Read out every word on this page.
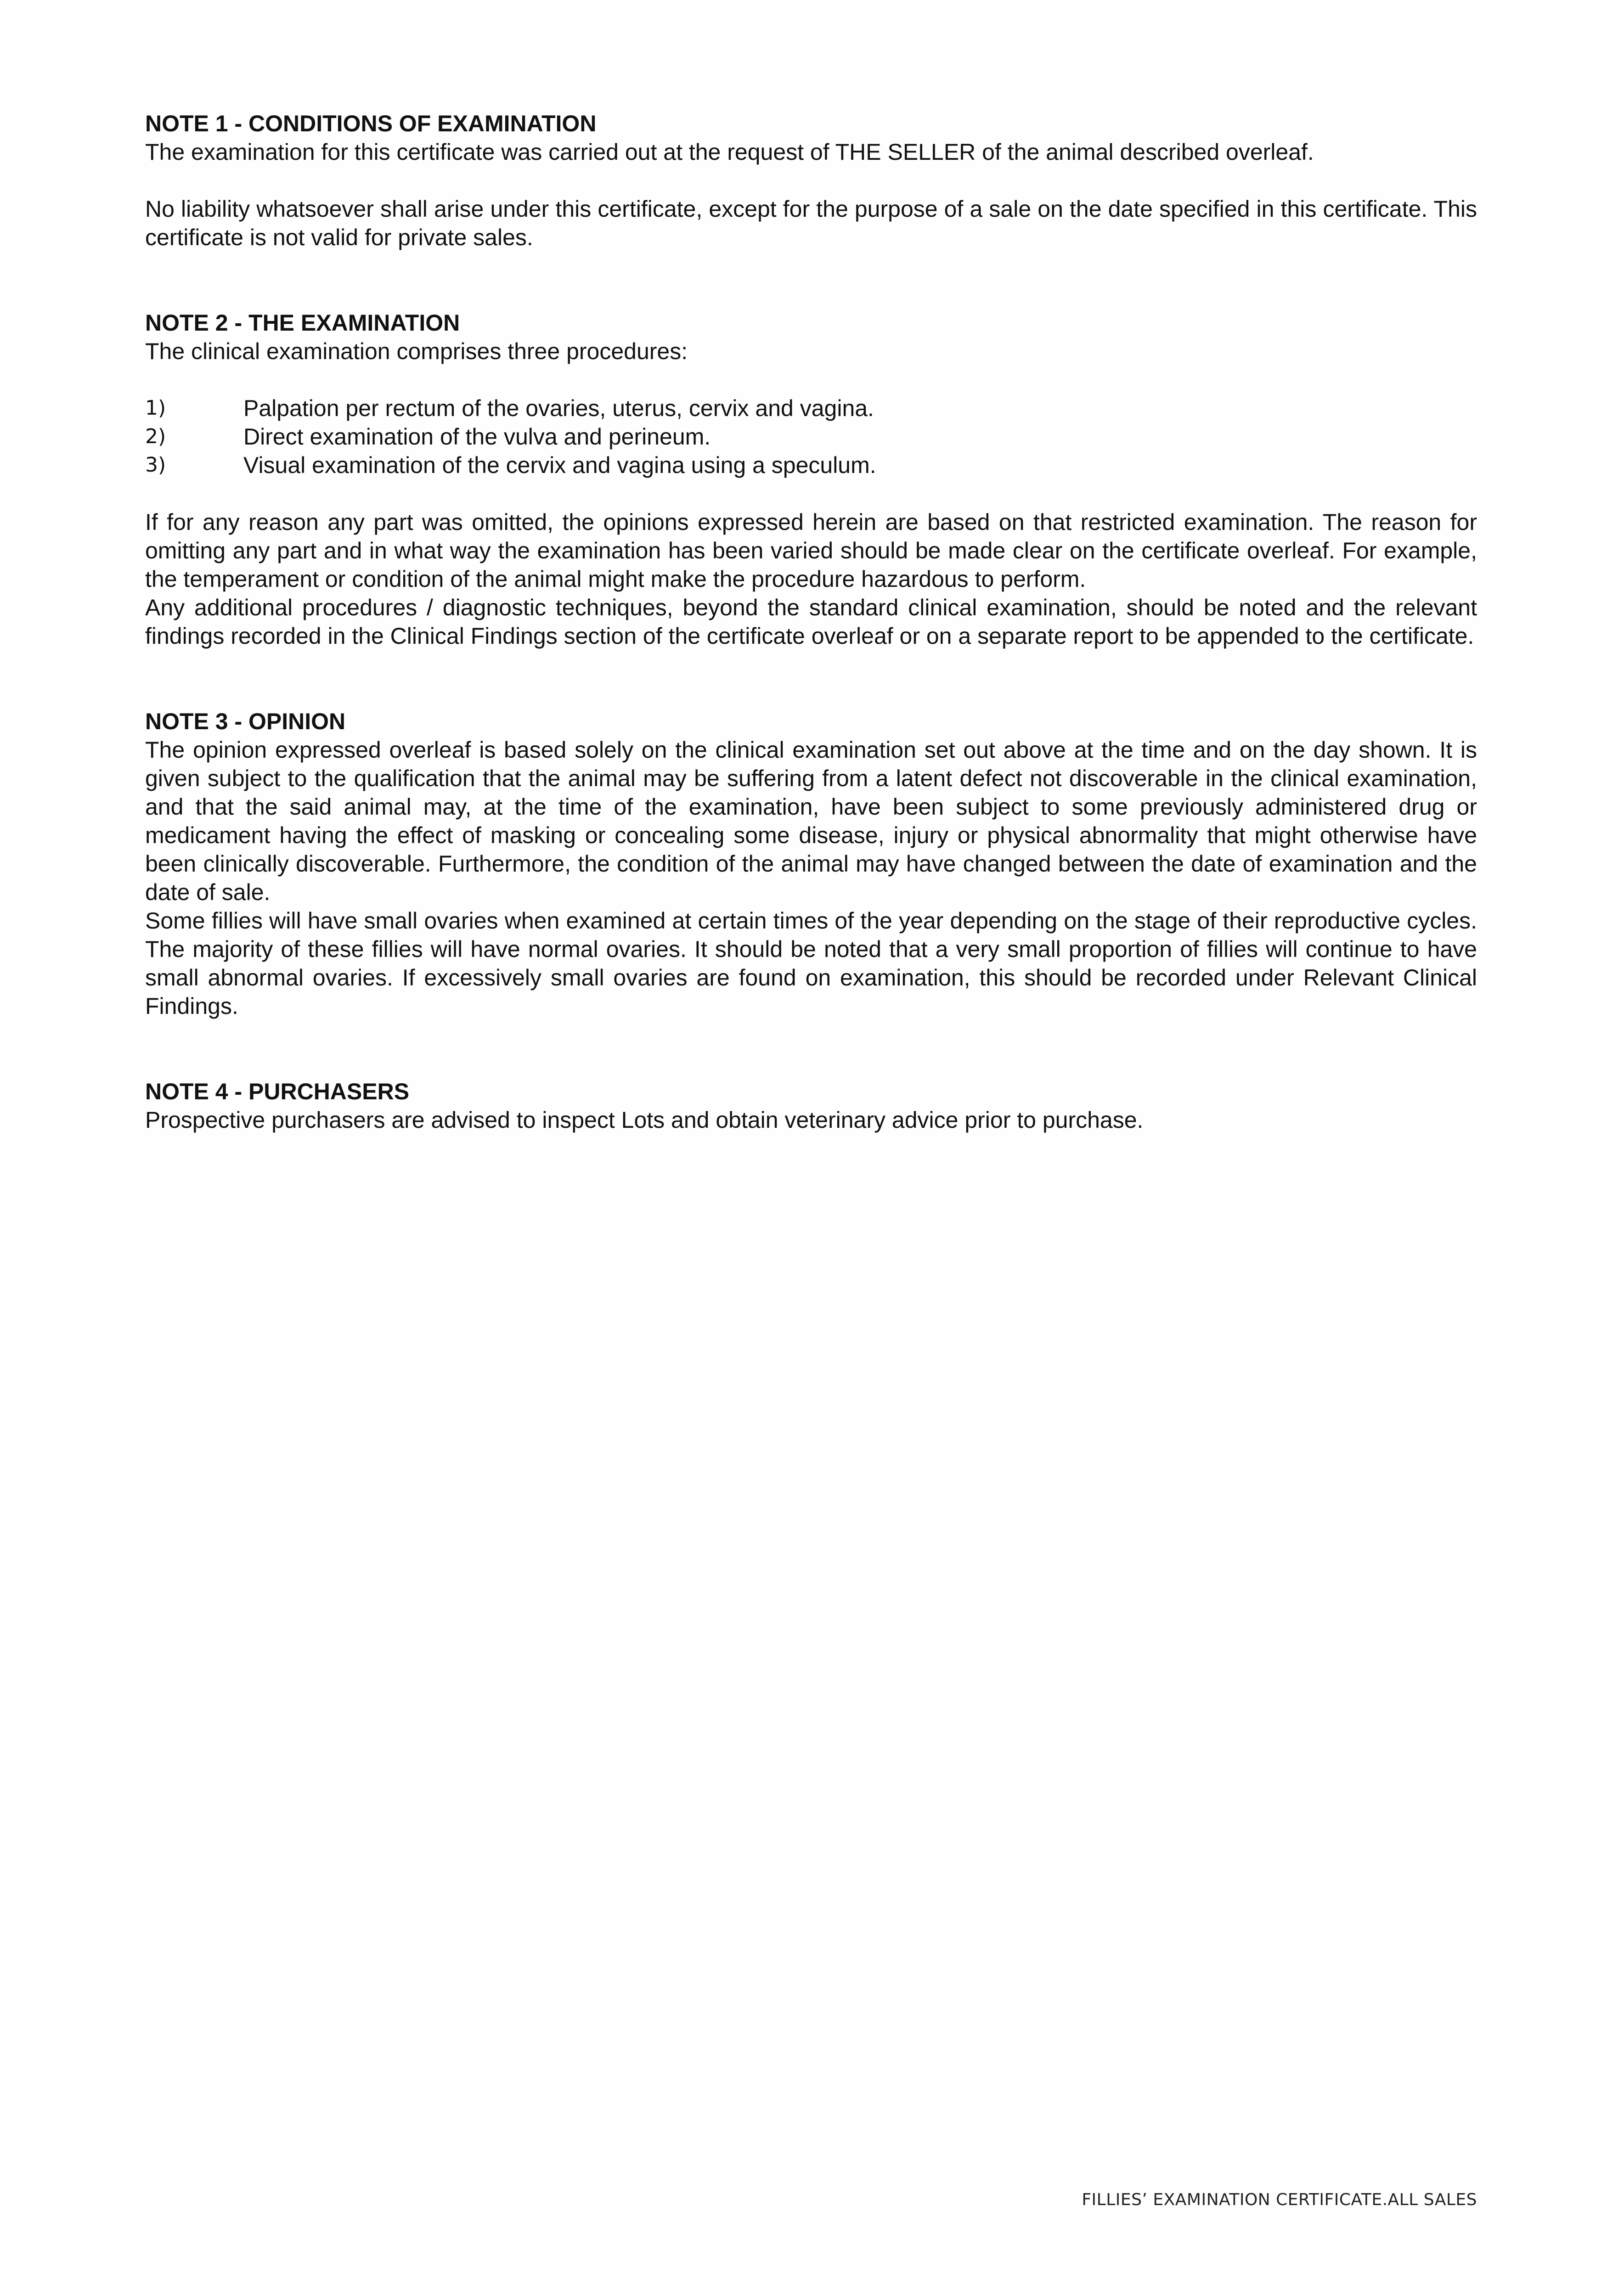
NOTE 1 - CONDITIONS OF EXAMINATION

The examination for this certificate was carried out at the request of THE SELLER of the animal described overleaf.

No liability whatsoever shall arise under this certificate, except for the purpose of a sale on the date specified in this certificate. This certificate is not valid for private sales.

NOTE 2 - THE EXAMINATION

The clinical examination comprises three procedures:

1)	Palpation per rectum of the ovaries, uterus, cervix and vagina.
2)	Direct examination of the vulva and perineum.
3)	Visual examination of the cervix and vagina using a speculum.

If for any reason any part was omitted, the opinions expressed herein are based on that restricted examination. The reason for omitting any part and in what way the examination has been varied should be made clear on the certificate overleaf. For example, the temperament or condition of the animal might make the procedure hazardous to perform.

Any additional procedures / diagnostic techniques, beyond the standard clinical examination, should be noted and the relevant findings recorded in the Clinical Findings section of the certificate overleaf or on a separate report to be appended to the certificate.

NOTE 3 - OPINION

The opinion expressed overleaf is based solely on the clinical examination set out above at the time and on the day shown. It is given subject to the qualification that the animal may be suffering from a latent defect not discoverable in the clinical examination, and that the said animal may, at the time of the examination, have been subject to some previously administered drug or medicament having the effect of masking or concealing some disease, injury or physical abnormality that might otherwise have been clinically discoverable. Furthermore, the condition of the animal may have changed between the date of examination and the date of sale.

Some fillies will have small ovaries when examined at certain times of the year depending on the stage of their reproductive cycles. The majority of these fillies will have normal ovaries. It should be noted that a very small proportion of fillies will continue to have small abnormal ovaries. If excessively small ovaries are found on examination, this should be recorded under Relevant Clinical Findings.

NOTE 4 - PURCHASERS

Prospective purchasers are advised to inspect Lots and obtain veterinary advice prior to purchase.

FILLIES’ EXAMINATION CERTIFICATE.ALL SALES
